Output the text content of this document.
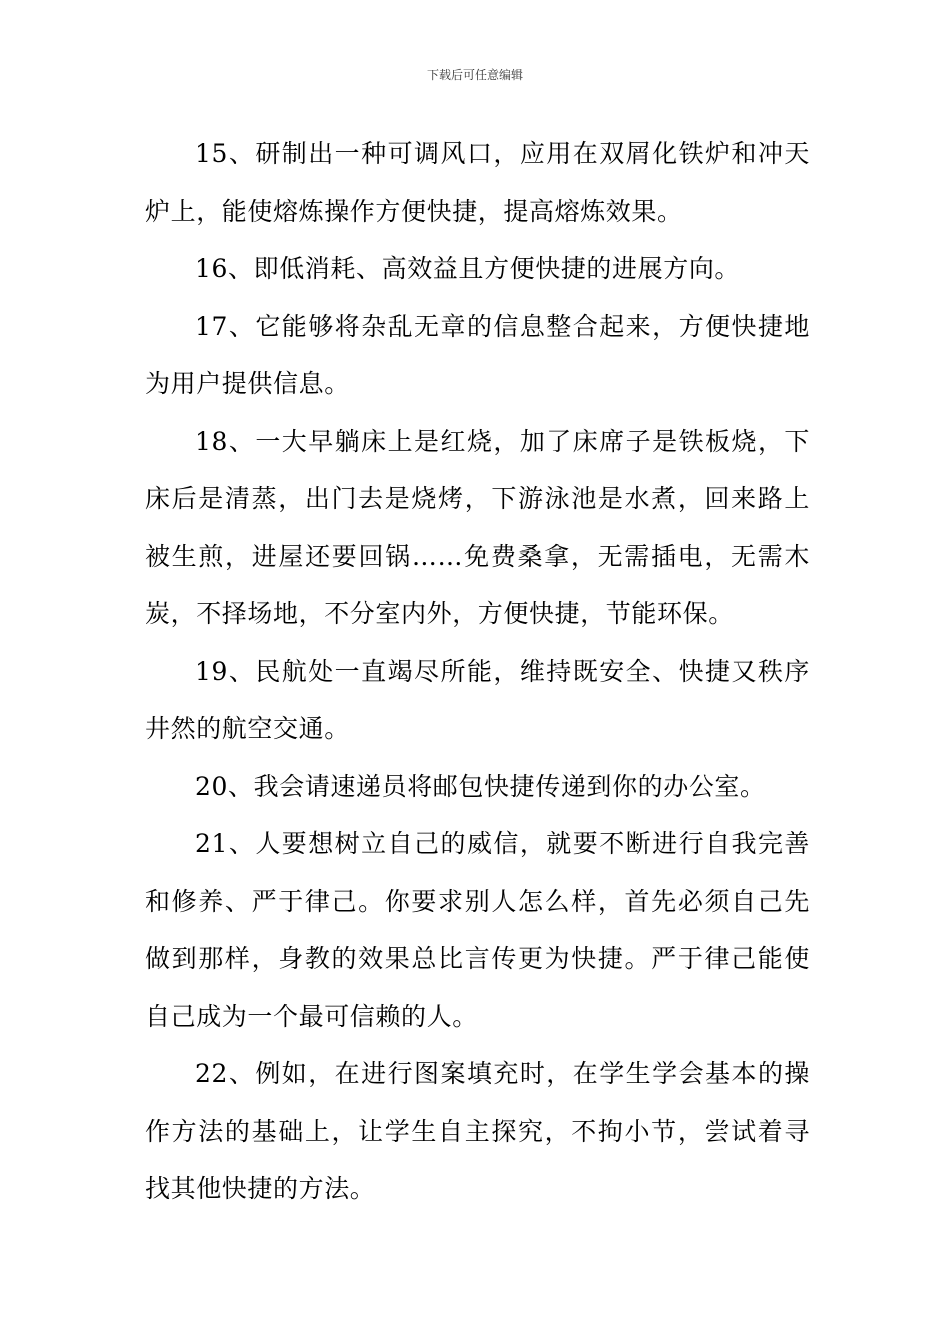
下载后可任意编辑

15、研制出一种可调风口，应用在双屑化铁炉和冲天炉上，能使熔炼操作方便快捷，提高熔炼效果。

16、即低消耗、高效益且方便快捷的进展方向。

17、它能够将杂乱无章的信息整合起来，方便快捷地为用户提供信息。

18、一大早躺床上是红烧，加了床席子是铁板烧，下床后是清蒸，出门去是烧烤，下游泳池是水煮，回来路上被生煎，进屋还要回锅……免费桑拿，无需插电，无需木炭，不择场地，不分室内外，方便快捷，节能环保。

19、民航处一直竭尽所能，维持既安全、快捷又秩序井然的航空交通。

20、我会请速递员将邮包快捷传递到你的办公室。

21、人要想树立自己的威信，就要不断进行自我完善和修养、严于律己。你要求别人怎么样，首先必须自己先做到那样，身教的效果总比言传更为快捷。严于律己能使自己成为一个最可信赖的人。

22、例如，在进行图案填充时，在学生学会基本的操作方法的基础上，让学生自主探究，不拘小节，尝试着寻找其他快捷的方法。
